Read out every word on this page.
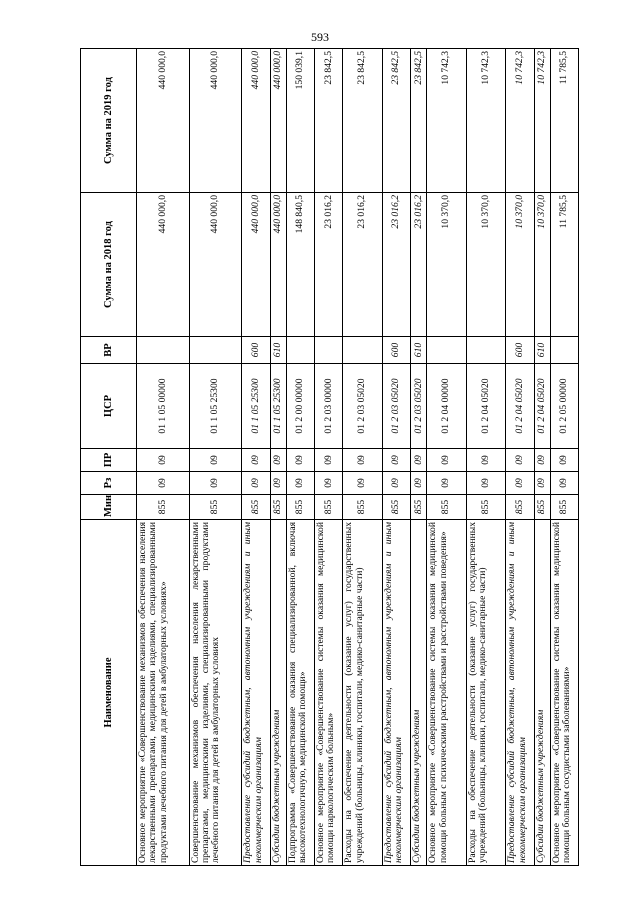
593
Наименование	Мин	Рз	ПР	ЦСР	ВР	Сумма на 2018 год	Сумма на 2019 год
Основное мероприятие «Совершенствование механизмов обеспечения населения лекарственными препаратами, медицинскими изделиями, специализированными продуктами лечебного питания для детей в амбулаторных условиях»	855	09	09	01 1 05 00000		440 000,0	440 000,0
Совершенствование механизмов обеспечения населения лекарственными препаратами, медицинскими изделиями, специализированными продуктами лечебного питания для детей в амбулаторных условиях	855	09	09	01 1 05 25300		440 000,0	440 000,0
Предоставление субсидий бюджетным, автономным учреждениям и иным некоммерческим организациям	855	09	09	01 1 05 25300	600	440 000,0	440 000,0
Субсидии бюджетным учреждениям	855	09	09	01 1 05 25300	610	440 000,0	440 000,0
Подпрограмма «Совершенствование оказания специализированной, включая высокотехнологичную, медицинской помощи»	855	09	09	01 2 00 00000		148 840,5	150 039,1
Основное мероприятие «Совершенствование системы оказания медицинской помощи наркологическим больным»	855	09	09	01 2 03 00000		23 016,2	23 842,5
Расходы на обеспечение деятельности (оказание услуг) государственных учреждений (больницы, клиники, госпитали, медико-санитарные части)	855	09	09	01 2 03 05020		23 016,2	23 842,5
Предоставление субсидий бюджетным, автономным учреждениям и иным некоммерческим организациям	855	09	09	01 2 03 05020	600	23 016,2	23 842,5
Субсидии бюджетным учреждениям	855	09	09	01 2 03 05020	610	23 016,2	23 842,5
Основное мероприятие «Совершенствование системы оказания медицинской помощи больным с психическими расстройствами и расстройствами поведения»	855	09	09	01 2 04 00000		10 370,0	10 742,3
Расходы на обеспечение деятельности (оказание услуг) государственных учреждений (больницы, клиники, госпитали, медико-санитарные части)	855	09	09	01 2 04 05020		10 370,0	10 742,3
Предоставление субсидий бюджетным, автономным учреждениям и иным некоммерческим организациям	855	09	09	01 2 04 05020	600	10 370,0	10 742,3
Субсидии бюджетным учреждениям	855	09	09	01 2 04 05020	610	10 370,0	10 742,3
Основное мероприятие «Совершенствование системы оказания медицинской помощи больным сосудистыми заболеваниями»	855	09	09	01 2 05 00000		11 785,5	11 785,5
